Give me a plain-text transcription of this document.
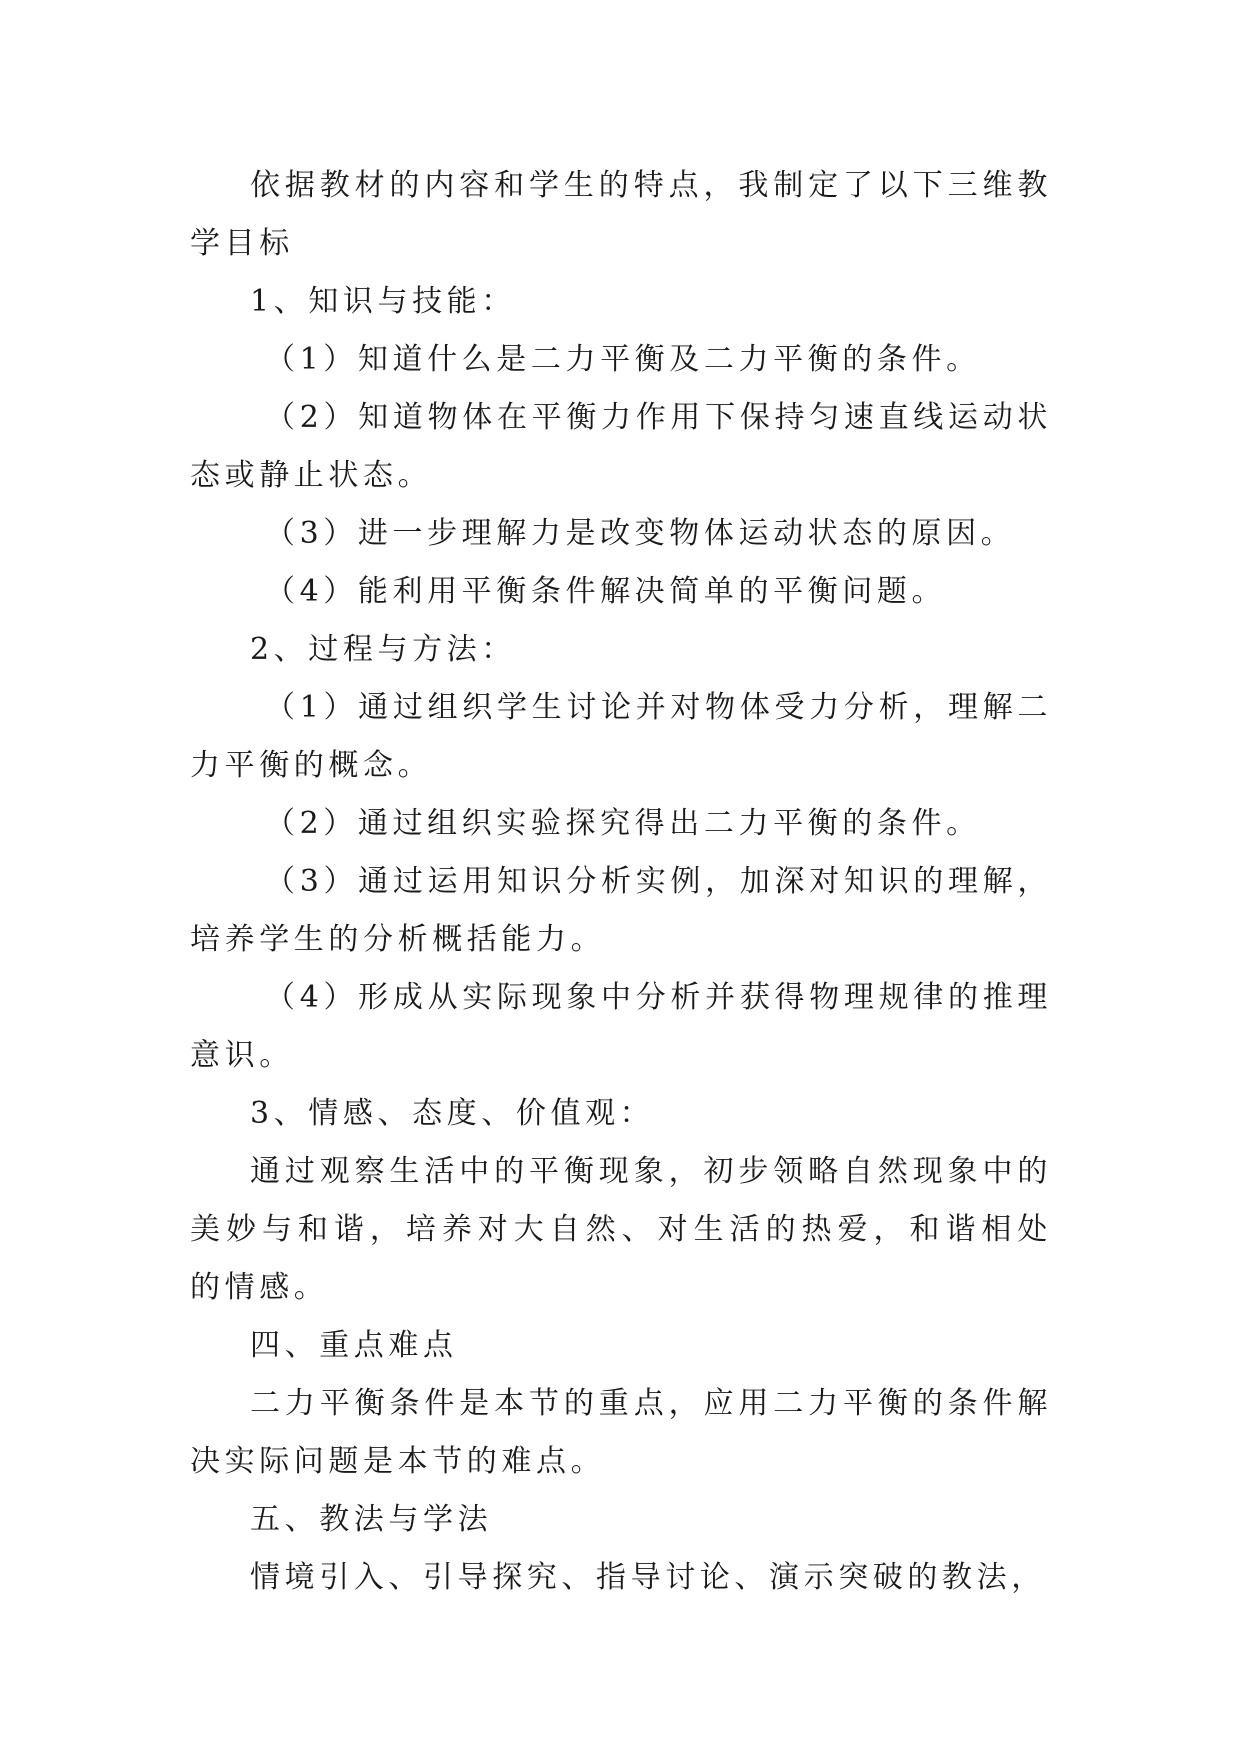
依据教材的内容和学生的特点，我制定了以下三维教学目标

1、知识与技能：

（1）知道什么是二力平衡及二力平衡的条件。

（2）知道物体在平衡力作用下保持匀速直线运动状态或静止状态。

（3）进一步理解力是改变物体运动状态的原因。

（4）能利用平衡条件解决简单的平衡问题。

2、过程与方法：

（1）通过组织学生讨论并对物体受力分析，理解二力平衡的概念。

（2）通过组织实验探究得出二力平衡的条件。

（3）通过运用知识分析实例，加深对知识的理解，培养学生的分析概括能力。

（4）形成从实际现象中分析并获得物理规律的推理意识。

3、情感、态度、价值观：

通过观察生活中的平衡现象，初步领略自然现象中的美妙与和谐，培养对大自然、对生活的热爱，和谐相处的情感。

四、重点难点

二力平衡条件是本节的重点，应用二力平衡的条件解决实际问题是本节的难点。

五、教法与学法

情境引入、引导探究、指导讨论、演示突破的教法，
